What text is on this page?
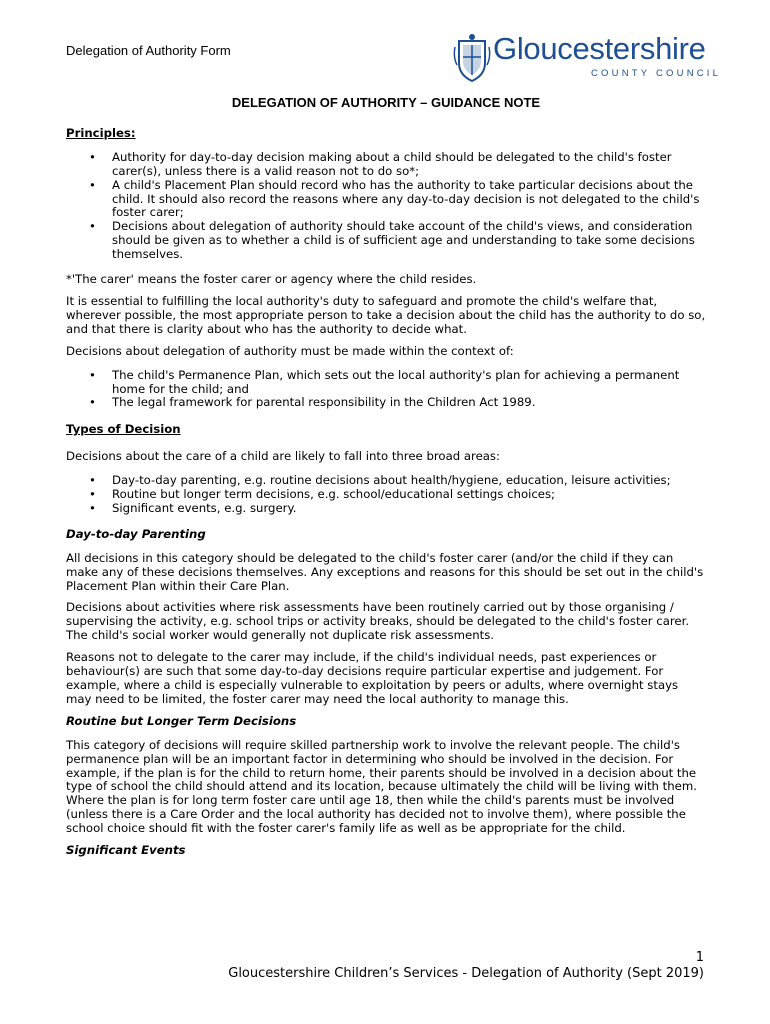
Delegation of Authority Form	Gloucestershire
COUNTY COUNCIL
DELEGATION OF AUTHORITY – GUIDANCE NOTE
Principles:
• Authority for day-to-day decision making about a child should be delegated to the child's foster carer(s), unless there is a valid reason not to do so*;
• A child's Placement Plan should record who has the authority to take particular decisions about the child. It should also record the reasons where any day-to-day decision is not delegated to the child's foster carer;
• Decisions about delegation of authority should take account of the child's views, and consideration should be given as to whether a child is of sufficient age and understanding to take some decisions themselves.

*'The carer' means the foster carer or agency where the child resides.

It is essential to fulfilling the local authority's duty to safeguard and promote the child's welfare that, wherever possible, the most appropriate person to take a decision about the child has the authority to do so, and that there is clarity about who has the authority to decide what.

Decisions about delegation of authority must be made within the context of:

• The child's Permanence Plan, which sets out the local authority's plan for achieving a permanent home for the child; and
• The legal framework for parental responsibility in the Children Act 1989.
Types of Decision

Decisions about the care of a child are likely to fall into three broad areas:

• Day-to-day parenting, e.g. routine decisions about health/hygiene, education, leisure activities;
• Routine but longer term decisions, e.g. school/educational settings choices;
• Significant events, e.g. surgery.
Day-to-day Parenting

All decisions in this category should be delegated to the child's foster carer (and/or the child if they can make any of these decisions themselves. Any exceptions and reasons for this should be set out in the child's Placement Plan within their Care Plan.

Decisions about activities where risk assessments have been routinely carried out by those organising / supervising the activity, e.g. school trips or activity breaks, should be delegated to the child's foster carer. The child's social worker would generally not duplicate risk assessments.

Reasons not to delegate to the carer may include, if the child's individual needs, past experiences or behaviour(s) are such that some day-to-day decisions require particular expertise and judgement. For example, where a child is especially vulnerable to exploitation by peers or adults, where overnight stays may need to be limited, the foster carer may need the local authority to manage this.

Routine but Longer Term Decisions

This category of decisions will require skilled partnership work to involve the relevant people. The child's permanence plan will be an important factor in determining who should be involved in the decision. For example, if the plan is for the child to return home, their parents should be involved in a decision about the type of school the child should attend and its location, because ultimately the child will be living with them. Where the plan is for long term foster care until age 18, then while the child's parents must be involved (unless there is a Care Order and the local authority has decided not to involve them), where possible the school choice should fit with the foster carer's family life as well as be appropriate for the child.

Significant Events
1
Gloucestershire Children’s Services - Delegation of Authority (Sept 2019)
